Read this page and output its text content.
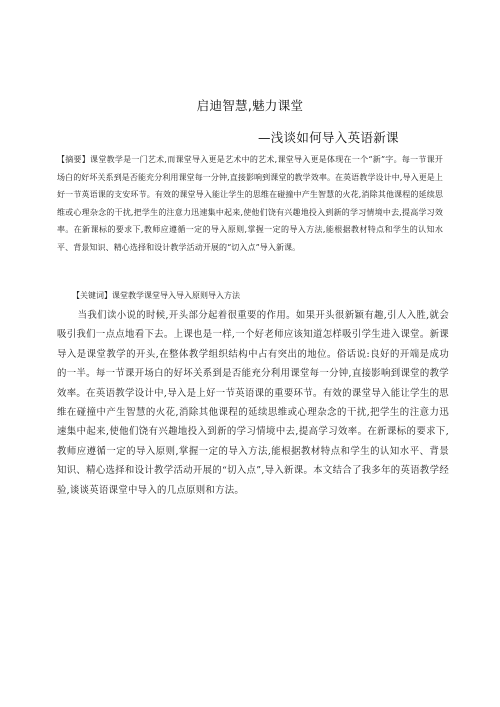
启迪智慧,魅力课堂
—浅谈如何导入英语新课
【摘要】课堂教学是一门艺术,而课堂导入更是艺术中的艺术,课堂导入更是体现在一个“新”字。每一节课开场白的好坏关系到是否能充分利用课堂每一分钟,直接影响到课堂的教学效率。在英语教学设计中,导入更是上好一节英语课的支安环节。有效的课堂导入能让学生的思维在碰撞中产生智慧的火花,消除其他课程的延续思维或心理杂念的干扰,把学生的注意力迅速集中起来,使他们饶有兴趣地投入到新的学习情境中去,提高学习效率。在新课标的要求下,教师应遵循一定的导入原则,掌握一定的导入方法,能根据教材特点和学生的认知水平、背景知识、精心选择和设计教学活动开展的“切入点”导入新课。
【关键词】课堂教学课堂导入导入原则导入方法
当我们读小说的时候,开头部分起着很重要的作用。如果开头很新颖有趣,引人入胜,就会吸引我们一点点地看下去。上课也是一样,一个好老师应该知道怎样吸引学生进入课堂。新课导入是课堂教学的开头,在整体教学组织结构中占有突出的地位。俗话说:良好的开端是成功的一半。每一节课开场白的好坏关系到是否能充分利用课堂每一分钟,直接影响到课堂的教学效率。在英语教学设计中,导入是上好一节英语课的重要环节。有效的课堂导入能让学生的思维在碰撞中产生智慧的火花,消除其他课程的延续思维或心理杂念的干扰,把学生的注意力迅速集中起来,使他们饶有兴趣地投入到新的学习情境中去,提高学习效率。在新课标的要求下,教师应遵循一定的导入原则,掌握一定的导入方法,能根据教材特点和学生的认知水平、背景知识、精心选择和设计教学活动开展的“切入点”,导入新课。本文结合了我多年的英语教学经验,谈谈英语课堂中导入的几点原则和方法。
